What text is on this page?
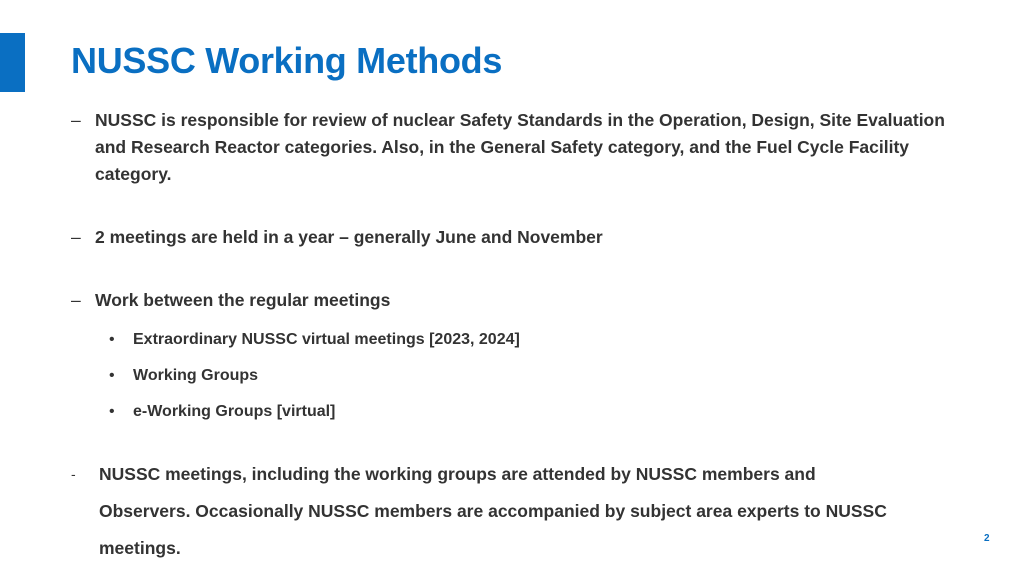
NUSSC Working Methods
– NUSSC is responsible for review of nuclear Safety Standards in the Operation, Design, Site Evaluation and Research Reactor categories. Also, in the General Safety category, and the Fuel Cycle Facility category.
– 2 meetings are held in a year – generally June and November
– Work between the regular meetings
•	Extraordinary NUSSC virtual meetings [2023, 2024]
•	Working Groups
•	e-Working Groups [virtual]
-	NUSSC meetings, including the working groups are attended by NUSSC members and Observers. Occasionally NUSSC members are accompanied by subject area experts to NUSSC meetings.	2
